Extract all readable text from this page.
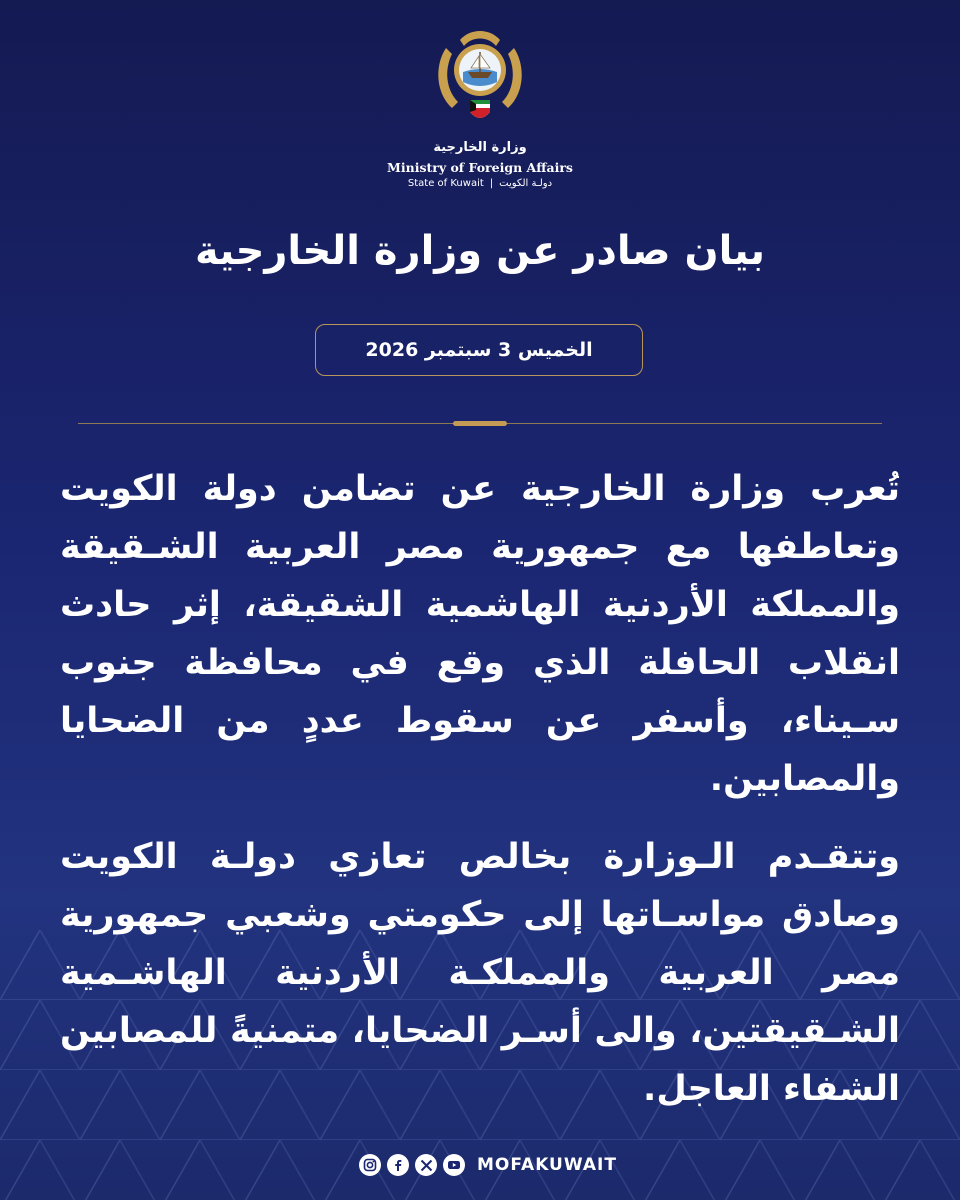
وزارة الخارجية
Ministry of Foreign Affairs
State of Kuwait | دولـة الكويت
بيان صادر عن وزارة الخارجية
الخميس 3 سبتمبر 2026

تُعرب وزارة الخارجية عن تضامن دولة الكويت وتعاطفها مع جمهورية مصر العربية الشـقيقة والمملكة الأردنية الهاشمية الشقيقة، إثر حادث انقلاب الحافلة الذي وقع في محافظة جنوب سـيناء، وأسفر عن سقوط عددٍ من الضحايا والمصابين.

وتتقـدم الـوزارة بخالص تعازي دولـة الكويت وصادق مواسـاتها إلى حكومتي وشعبي جمهورية مصر العربية والمملكـة الأردنية الهاشـمية الشـقيقتين، والى أسـر الضحايا، متمنيةً للمصابين الشفاء العاجل.

MOFAKUWAIT
